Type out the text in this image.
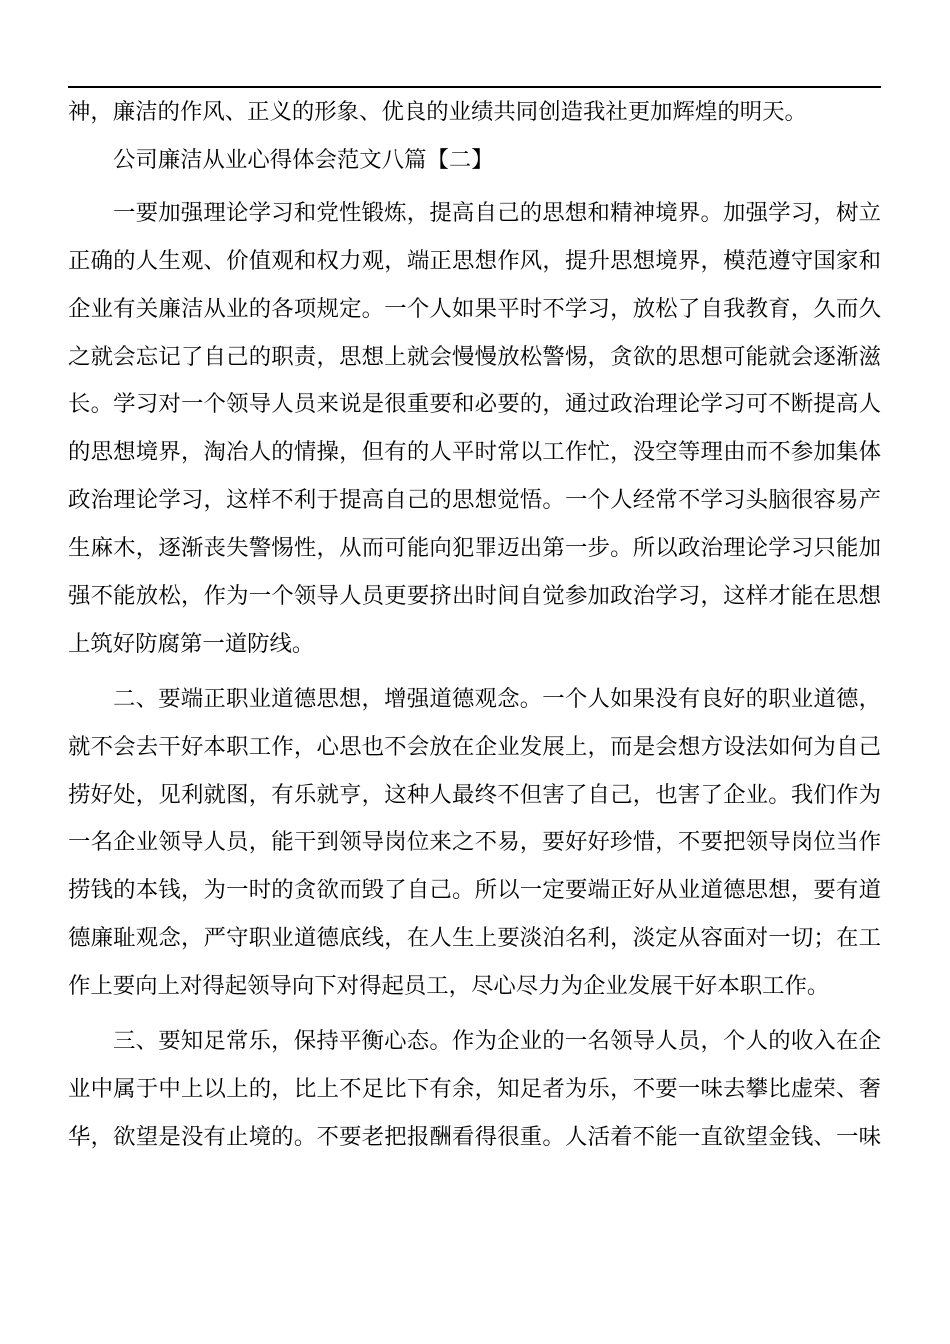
神，廉洁的作风、正义的形象、优良的业绩共同创造我社更加辉煌的明天。
公司廉洁从业心得体会范文八篇【二】
一要加强理论学习和党性锻炼，提高自己的思想和精神境界。加强学习，树立
正确的人生观、价值观和权力观，端正思想作风，提升思想境界，模范遵守国家和
企业有关廉洁从业的各项规定。一个人如果平时不学习，放松了自我教育，久而久
之就会忘记了自己的职责，思想上就会慢慢放松警惕，贪欲的思想可能就会逐渐滋
长。学习对一个领导人员来说是很重要和必要的，通过政治理论学习可不断提高人
的思想境界，淘冶人的情操，但有的人平时常以工作忙，没空等理由而不参加集体
政治理论学习，这样不利于提高自己的思想觉悟。一个人经常不学习头脑很容易产
生麻木，逐渐丧失警惕性，从而可能向犯罪迈出第一步。所以政治理论学习只能加
强不能放松，作为一个领导人员更要挤出时间自觉参加政治学习，这样才能在思想
上筑好防腐第一道防线。
二、要端正职业道德思想，增强道德观念。一个人如果没有良好的职业道德，
就不会去干好本职工作，心思也不会放在企业发展上，而是会想方设法如何为自己
捞好处，见利就图，有乐就亨，这种人最终不但害了自己，也害了企业。我们作为
一名企业领导人员，能干到领导岗位来之不易，要好好珍惜，不要把领导岗位当作
捞钱的本钱，为一时的贪欲而毁了自己。所以一定要端正好从业道德思想，要有道
德廉耻观念，严守职业道德底线，在人生上要淡泊名利，淡定从容面对一切；在工
作上要向上对得起领导向下对得起员工，尽心尽力为企业发展干好本职工作。
三、要知足常乐，保持平衡心态。作为企业的一名领导人员，个人的收入在企
业中属于中上以上的，比上不足比下有余，知足者为乐，不要一味去攀比虚荣、奢
华，欲望是没有止境的。不要老把报酬看得很重。人活着不能一直欲望金钱、一味
